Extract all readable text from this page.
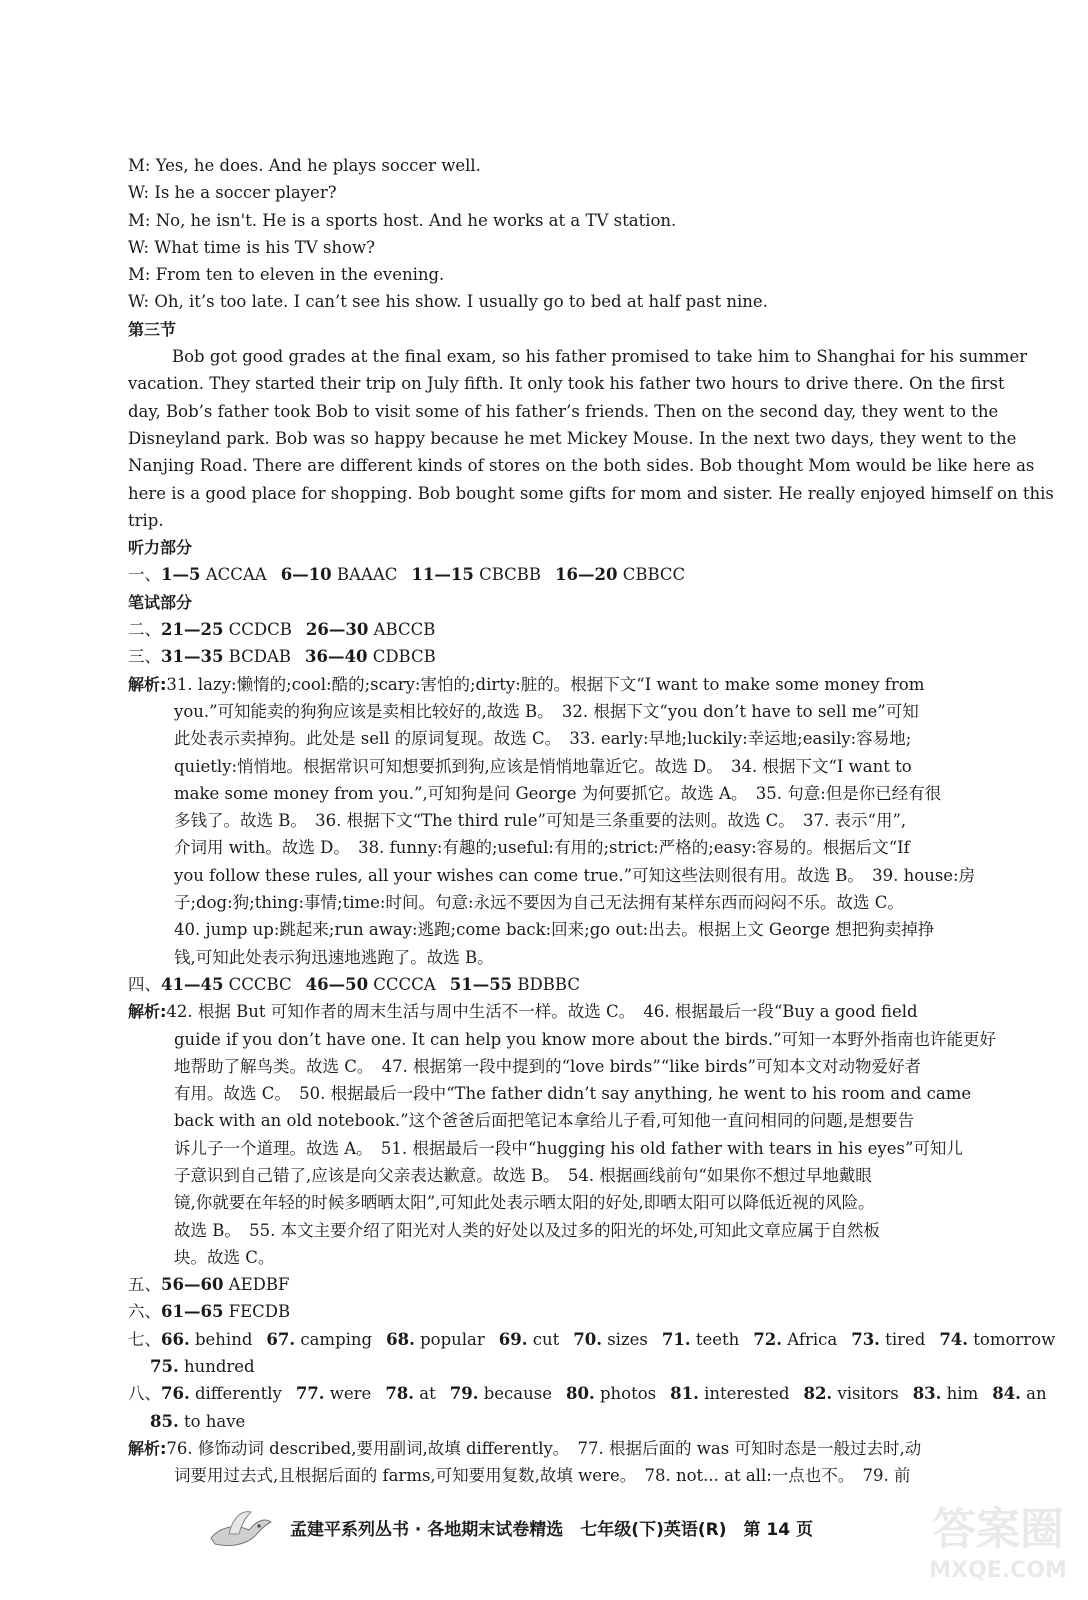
M: Yes, he does. And he plays soccer well.
W: Is he a soccer player?
M: No, he isn't. He is a sports host. And he works at a TV station.
W: What time is his TV show?
M: From ten to eleven in the evening.
W: Oh, it’s too late. I can’t see his show. I usually go to bed at half past nine.
第三节
Bob got good grades at the final exam, so his father promised to take him to Shanghai for his summer
vacation. They started their trip on July fifth. It only took his father two hours to drive there. On the first
day, Bob’s father took Bob to visit some of his father’s friends. Then on the second day, they went to the
Disneyland park. Bob was so happy because he met Mickey Mouse. In the next two days, they went to the
Nanjing Road. There are different kinds of stores on the both sides. Bob thought Mom would be like here as
here is a good place for shopping. Bob bought some gifts for mom and sister. He really enjoyed himself on this
trip.
听力部分
一、1—5 ACCAA 6—10 BAAAC 11—15 CBCBB 16—20 CBBCC
笔试部分
二、21—25 CCDCB 26—30 ABCCB
三、31—35 BCDAB 36—40 CDBCB
解析:31. lazy:懒惰的;cool:酷的;scary:害怕的;dirty:脏的。根据下文“I want to make some money from
you.”可知能卖的狗狗应该是卖相比较好的,故选 B。　32. 根据下文“you don’t have to sell me”可知
此处表示卖掉狗。此处是 sell 的原词复现。故选 C。　33. early:早地;luckily:幸运地;easily:容易地;
quietly:悄悄地。根据常识可知想要抓到狗,应该是悄悄地靠近它。故选 D。　34. 根据下文“I want to
make some money from you.”,可知狗是问 George 为何要抓它。故选 A。　35. 句意:但是你已经有很
多钱了。故选 B。　36. 根据下文“The third rule”可知是三条重要的法则。故选 C。　37. 表示“用”,
介词用 with。故选 D。　38. funny:有趣的;useful:有用的;strict:严格的;easy:容易的。根据后文“If
you follow these rules, all your wishes can come true.”可知这些法则很有用。故选 B。　39. house:房
子;dog:狗;thing:事情;time:时间。句意:永远不要因为自己无法拥有某样东西而闷闷不乐。故选 C。
40. jump up:跳起来;run away:逃跑;come back:回来;go out:出去。根据上文 George 想把狗卖掉挣
钱,可知此处表示狗迅速地逃跑了。故选 B。
四、41—45 CCCBC 46—50 CCCCA 51—55 BDBBC
解析:42. 根据 But 可知作者的周末生活与周中生活不一样。故选 C。　46. 根据最后一段“Buy a good field
guide if you don’t have one. It can help you know more about the birds.”可知一本野外指南也许能更好
地帮助了解鸟类。故选 C。　47. 根据第一段中提到的“love birds”“like birds”可知本文对动物爱好者
有用。故选 C。　50. 根据最后一段中“The father didn’t say anything, he went to his room and came
back with an old notebook.”这个爸爸后面把笔记本拿给儿子看,可知他一直问相同的问题,是想要告
诉儿子一个道理。故选 A。　51. 根据最后一段中“hugging his old father with tears in his eyes”可知儿
子意识到自己错了,应该是向父亲表达歉意。故选 B。　54. 根据画线前句“如果你不想过早地戴眼
镜,你就要在年轻的时候多晒晒太阳”,可知此处表示晒太阳的好处,即晒太阳可以降低近视的风险。
故选 B。　55. 本文主要介绍了阳光对人类的好处以及过多的阳光的坏处,可知此文章应属于自然板
块。故选 C。
五、56—60 AEDBF
六、61—65 FECDB
七、66. behind 67. camping 68. popular 69. cut 70. sizes 71. teeth 72. Africa 73. tired 74. tomorrow
75. hundred
八、76. differently 77. were 78. at 79. because 80. photos 81. interested 82. visitors 83. him 84. an
85. to have
解析:76. 修饰动词 described,要用副词,故填 differently。　77. 根据后面的 was 可知时态是一般过去时,动
词要用过去式,且根据后面的 farms,可知要用复数,故填 were。　78. not... at all:一点也不。　79. 前
孟建平系列丛书 · 各地期末试卷精选　七年级(下)英语(R)　第 14 页	答案圈
MXQE.COM
